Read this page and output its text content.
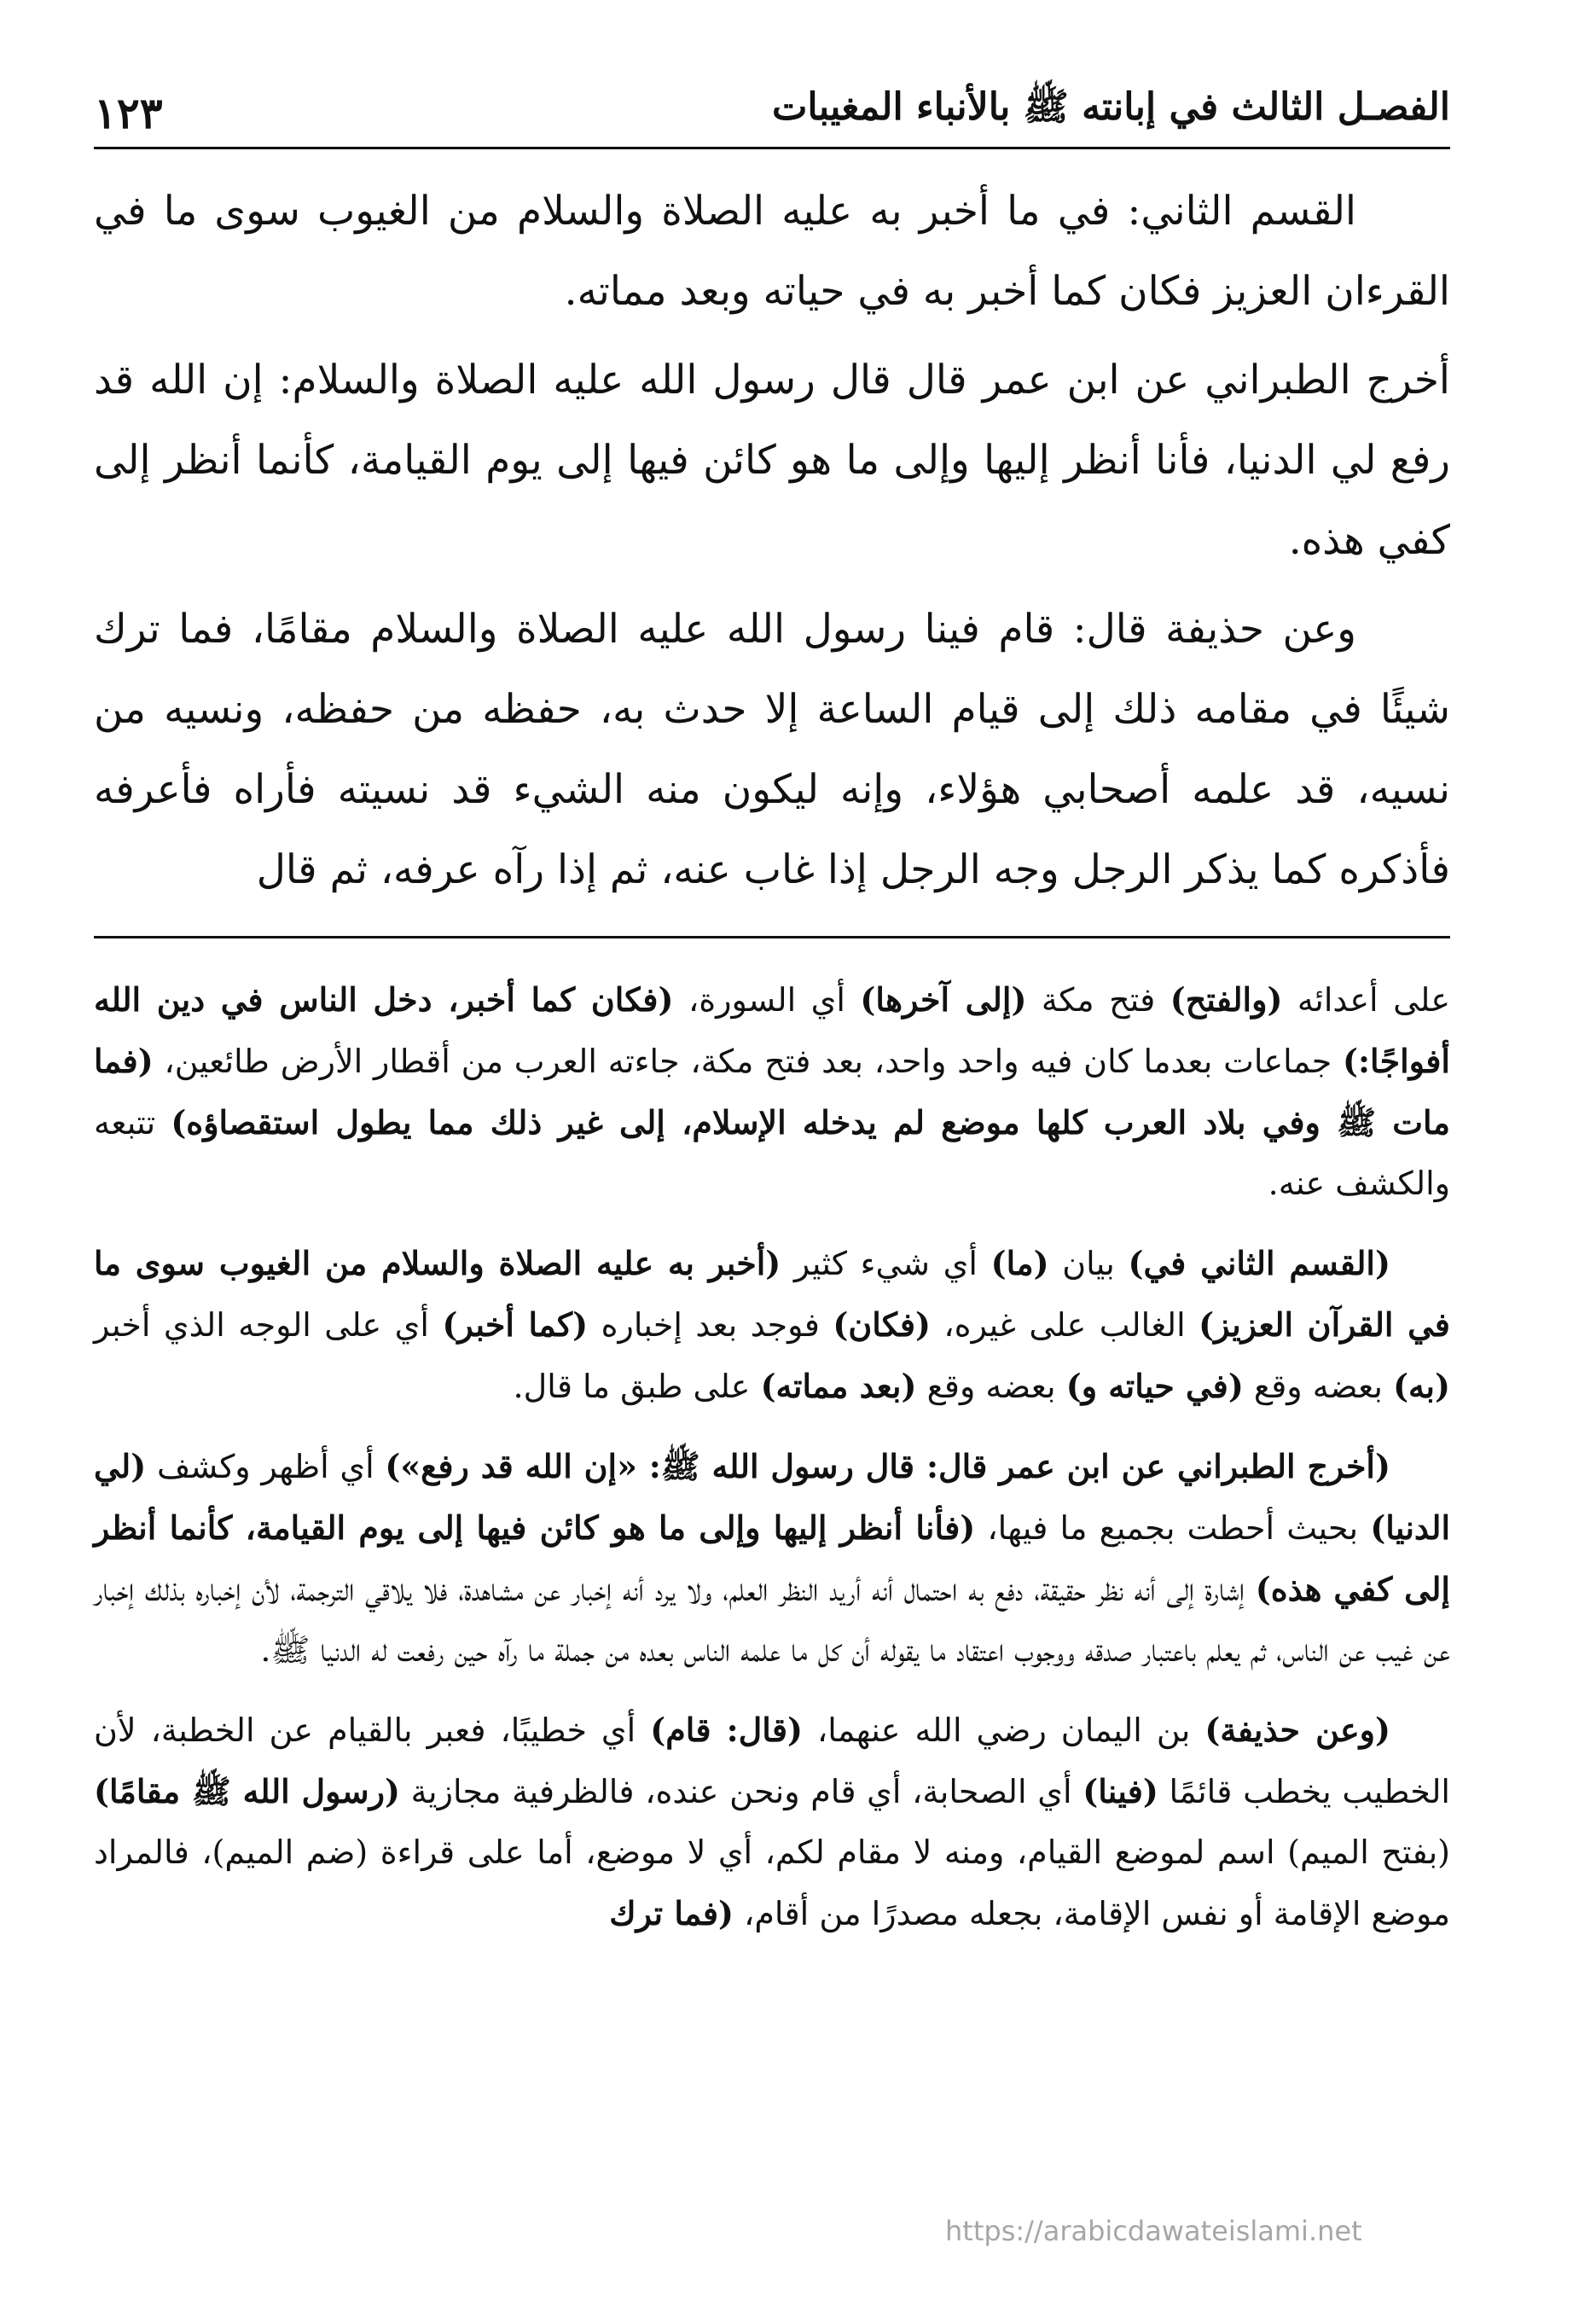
الفصـل الثالث في إبانته ﷺ بالأنباء المغيبات
١٢٣

القسم الثاني: في ما أخبر به عليه الصلاة والسلام من الغيوب سوى ما في القرءان العزيز فكان كما أخبر به في حياته وبعد مماته.

أخرج الطبراني عن ابن عمر قال قال رسول الله عليه الصلاة والسلام: إن الله قد رفع لي الدنيا، فأنا أنظر إليها وإلى ما هو كائن فيها إلى يوم القيامة، كأنما أنظر إلى كفي هذه.

وعن حذيفة قال: قام فينا رسول الله عليه الصلاة والسلام مقامًا، فما ترك شيئًا في مقامه ذلك إلى قيام الساعة إلا حدث به، حفظه من حفظه، ونسيه من نسيه، قد علمه أصحابي هؤلاء، وإنه ليكون منه الشيء قد نسيته فأراه فأعرفه فأذكره كما يذكر الرجل وجه الرجل إذا غاب عنه، ثم إذا رآه عرفه، ثم قال

على أعدائه (والفتح) فتح مكة (إلى آخرها) أي السورة، (فكان كما أخبر، دخل الناس في دين الله أفواجًا:) جماعات بعدما كان فيه واحد واحد، بعد فتح مكة، جاءته العرب من أقطار الأرض طائعين، (فما مات ﷺ وفي بلاد العرب كلها موضع لم يدخله الإسلام، إلى غير ذلك مما يطول استقصاؤه) تتبعه والكشف عنه.

(القسم الثاني في) بيان (ما) أي شيء كثير (أخبر به عليه الصلاة والسلام من الغيوب سوى ما في القرآن العزيز) الغالب على غيره، (فكان) فوجد بعد إخباره (كما أخبر) أي على الوجه الذي أخبر (به) بعضه وقع (في حياته و) بعضه وقع (بعد مماته) على طبق ما قال.

(أخرج الطبراني عن ابن عمر قال: قال رسول الله ﷺ: «إن الله قد رفع») أي أظهر وكشف (لي الدنيا) بحيث أحطت بجميع ما فيها، (فأنا أنظر إليها وإلى ما هو كائن فيها إلى يوم القيامة، كأنما أنظر إلى كفي هذه) إشارة إلى أنه نظر حقيقة، دفع به احتمال أنه أريد النظر العلم، ولا يرد أنه إخبار عن مشاهدة، فلا يلاقي الترجمة، لأن إخباره بذلك إخبار عن غيب عن الناس، ثم يعلم باعتبار صدقه ووجوب اعتقاد ما يقوله أن كل ما علمه الناس بعده من جملة ما رآه حين رفعت له الدنيا ﷺ.

(وعن حذيفة) بن اليمان رضي الله عنهما، (قال: قام) أي خطيبًا، فعبر بالقيام عن الخطبة، لأن الخطيب يخطب قائمًا (فينا) أي الصحابة، أي قام ونحن عنده، فالظرفية مجازية (رسول الله ﷺ مقامًا) (بفتح الميم) اسم لموضع القيام، ومنه لا مقام لكم، أي لا موضع، أما على قراءة (ضم الميم)، فالمراد موضع الإقامة أو نفس الإقامة، بجعله مصدرًا من أقام، (فما ترك

https://arabicdawateislami.net
